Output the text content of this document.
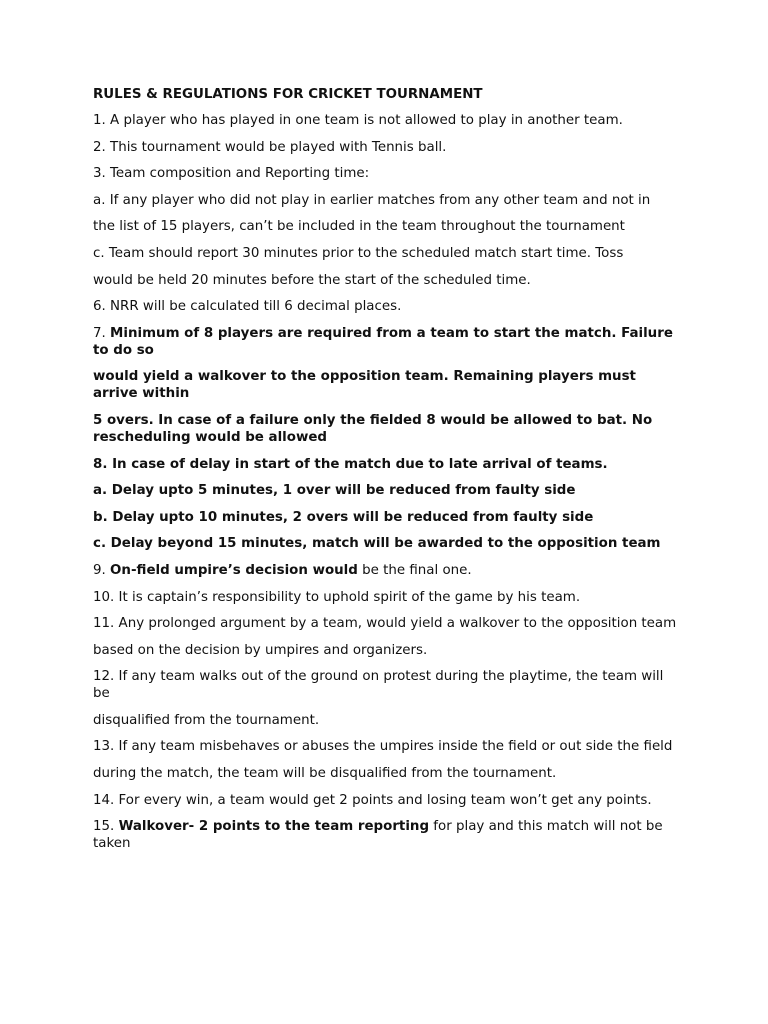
RULES & REGULATIONS FOR CRICKET TOURNAMENT

1. A player who has played in one team is not allowed to play in another team.

2. This tournament would be played with Tennis ball.

3. Team composition and Reporting time:

a. If any player who did not play in earlier matches from any other team and not in

the list of 15 players, can’t be included in the team throughout the tournament

c. Team should report 30 minutes prior to the scheduled match start time. Toss

would be held 20 minutes before the start of the scheduled time.

6. NRR will be calculated till 6 decimal places.

7. Minimum of 8 players are required from a team to start the match. Failure to do so

would yield a walkover to the opposition team. Remaining players must arrive within

5 overs. In case of a failure only the fielded 8 would be allowed to bat. No rescheduling would be allowed

8. In case of delay in start of the match due to late arrival of teams.

a. Delay upto 5 minutes, 1 over will be reduced from faulty side

b. Delay upto 10 minutes, 2 overs will be reduced from faulty side

c. Delay beyond 15 minutes, match will be awarded to the opposition team

9. On-field umpire’s decision would be the final one.

10. It is captain’s responsibility to uphold spirit of the game by his team.

11. Any prolonged argument by a team, would yield a walkover to the opposition team

based on the decision by umpires and organizers.

12. If any team walks out of the ground on protest during the playtime, the team will be

disqualified from the tournament.

13. If any team misbehaves or abuses the umpires inside the field or out side the field

during the match, the team will be disqualified from the tournament.

14. For every win, a team would get 2 points and losing team won’t get any points.

15. Walkover- 2 points to the team reporting for play and this match will not be taken
